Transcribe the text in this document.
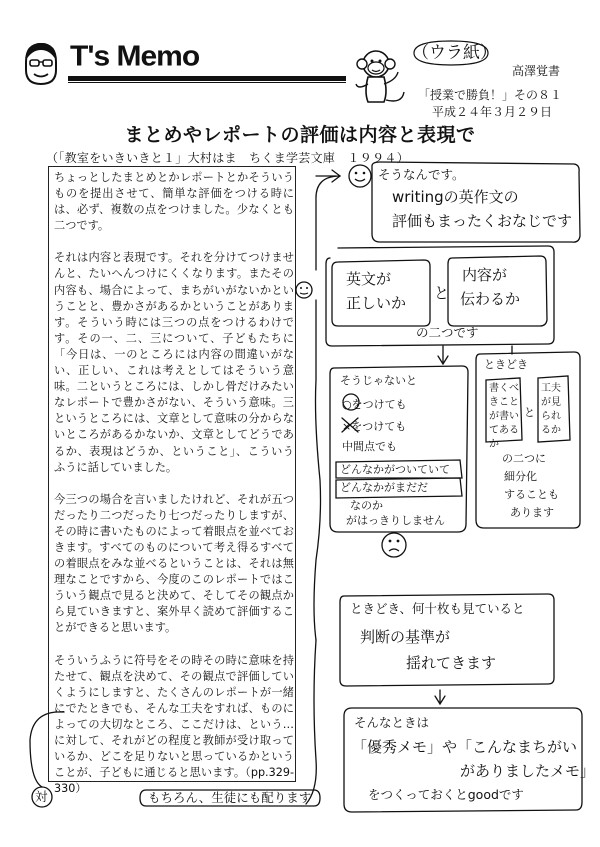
T's Memo	（ウラ紙）
高澤覚書
「授業で勝負！」その８１
平成２４年３月２９日
まとめやレポートの評価は内容と表現で
（「教室をいきいきと１」大村はま　ちくま学芸文庫　１９９４）

ちょっとしたまとめとかレポートとかそういうものを提出させて、簡単な評価をつける時には、必ず、複数の点をつけました。少なくとも二つです。

それは内容と表現です。それを分けてつけませんと、たいへんつけにくくなります。またその内容も、場合によって、まちがいがないかということと、豊かさがあるかということがあります。そういう時には三つの点をつけるわけです。その一、二、三について、子どもたちに「今日は、一のところには内容の間違いがない、正しい、これは考えとしてはそういう意味。二というところには、しかし骨だけみたいなレポートで豊かさがない、そういう意味。三というところには、文章として意味の分からないところがあるかないか、文章としてどうであるか、表現はどうか、ということ」、こういうふうに話していました。

今三つの場合を言いましたけれど、それが五つだったり二つだったり七つだったりしますが、その時に書いたものによって着眼点を並べておきます。すべてのものについて考え得るすべての着眼点をみな並べるということは、それは無理なことですから、今度のこのレポートではこういう観点で見ると決めて、そしてその観点から見ていきますと、案外早く読めて評価することができると思います。

そういうふうに符号をその時その時に意味を持たせて、観点を決めて、その観点で評価していくようにしますと、たくさんのレポートが一緒にでたときでも、そんな工夫をすれば、ものによっての大切なところ、ここだけは、という…に対して、それがどの程度と教師が受け取っているか、どこを足りないと思っているかということが、子どもに通じると思います。（pp.329-330）

そうなんです。
writingの英作文の
評価もまったくおなじです
英文が
正しいか
と
内容が
伝わるか
の二つです
そうじゃないと
○をつけても
×をつけても
中間点でも
どんなかがついていて
どんなかがまだだ
なのか
がはっきりしません
ときどき
書くべきことが書いてあるか
と
工夫が見られるか
の二つに
細分化
することも
あります
ときどき、何十枚も見ていると
判断の基準が
揺れてきます
そんなときは
「優秀メモ」や「こんなまちがい
がありましたメモ」
をつくっておくとgoodです
もちろん、生徒にも配ります
対
